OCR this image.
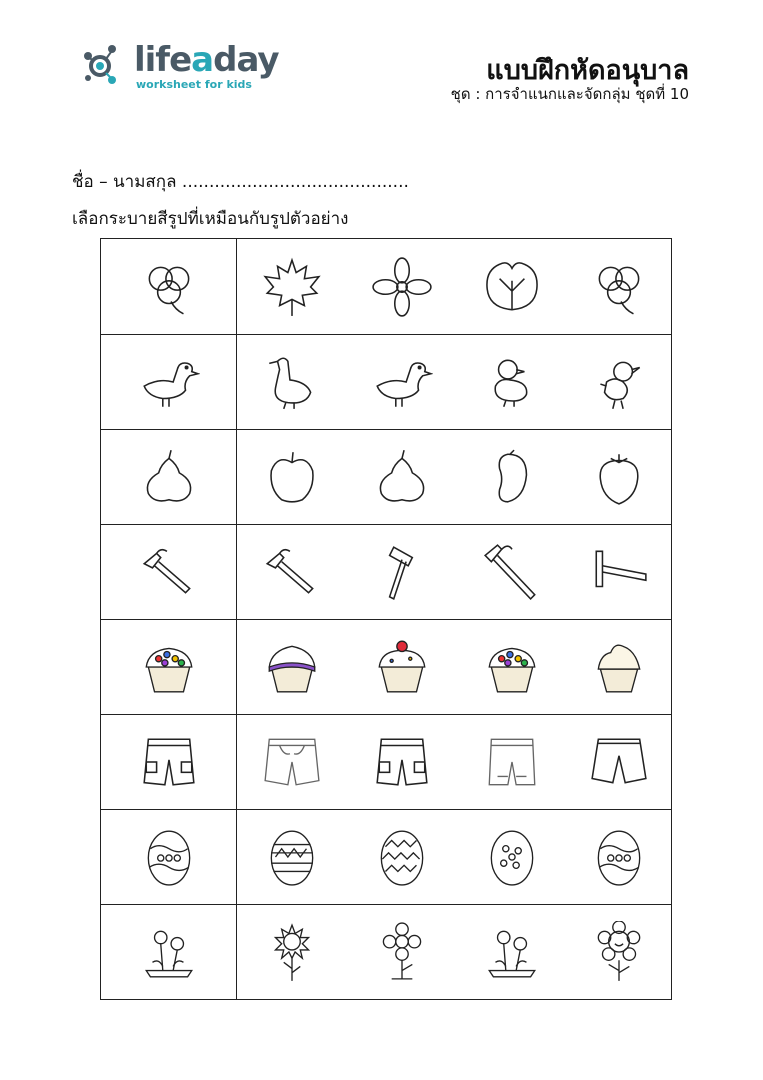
lifeaday
worksheet for kids	แบบฝึกหัดอนุบาล
ชุด : การจำแนกและจัดกลุ่ม ชุดที่ 10
ชื่อ – นามสกุล ..........................................
เลือกระบายสีรูปที่เหมือนกับรูปตัวอย่าง
